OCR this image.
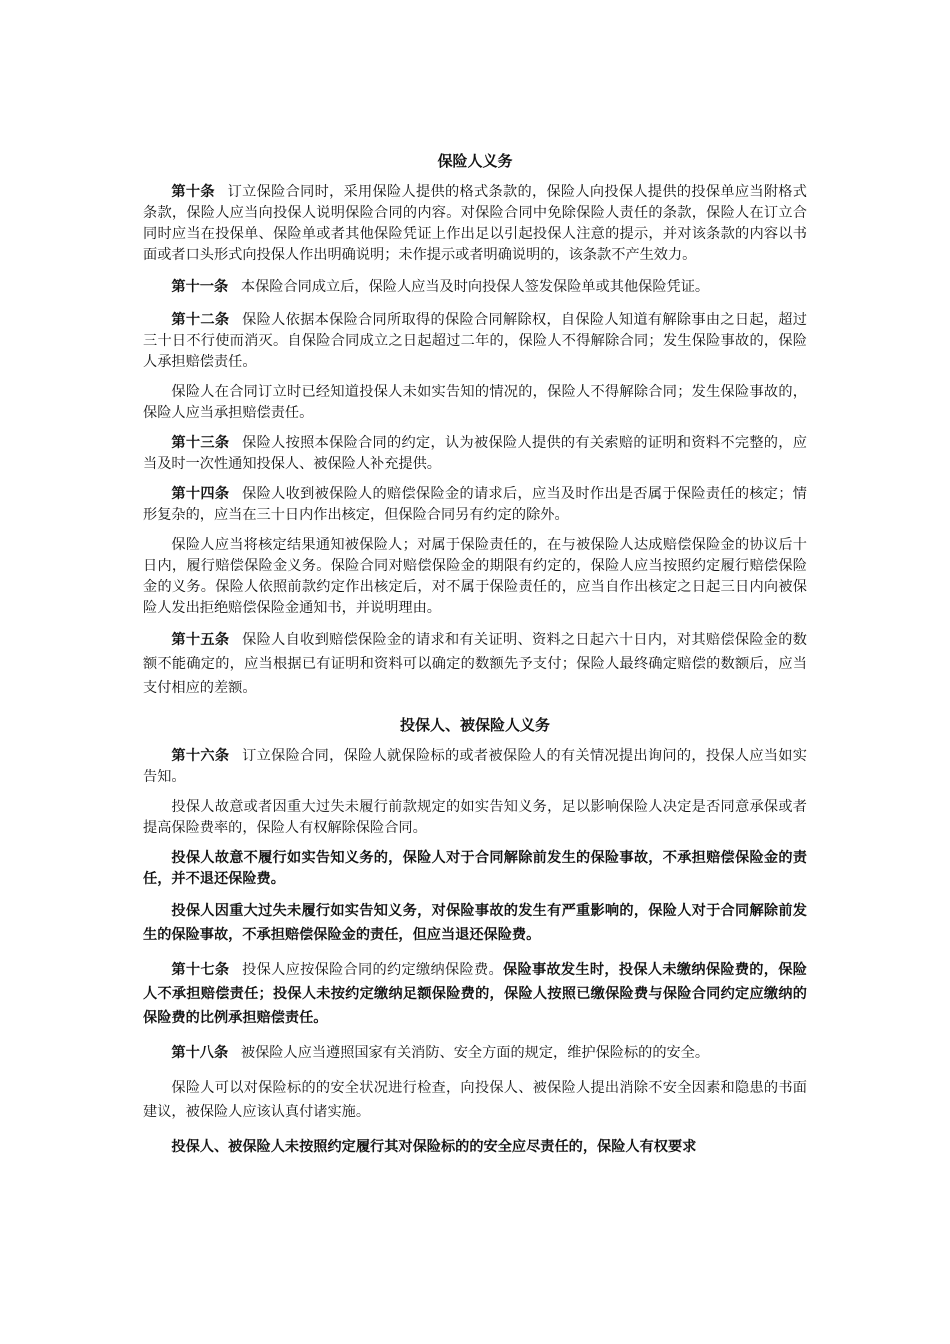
保险人义务

第十条 订立保险合同时，采用保险人提供的格式条款的，保险人向投保人提供的投保单应当附格式条款，保险人应当向投保人说明保险合同的内容。对保险合同中免除保险人责任的条款，保险人在订立合同时应当在投保单、保险单或者其他保险凭证上作出足以引起投保人注意的提示，并对该条款的内容以书面或者口头形式向投保人作出明确说明；未作提示或者明确说明的，该条款不产生效力。

第十一条 本保险合同成立后，保险人应当及时向投保人签发保险单或其他保险凭证。

第十二条 保险人依据本保险合同所取得的保险合同解除权，自保险人知道有解除事由之日起，超过三十日不行使而消灭。自保险合同成立之日起超过二年的，保险人不得解除合同；发生保险事故的，保险人承担赔偿责任。

保险人在合同订立时已经知道投保人未如实告知的情况的，保险人不得解除合同；发生保险事故的，保险人应当承担赔偿责任。

第十三条 保险人按照本保险合同的约定，认为被保险人提供的有关索赔的证明和资料不完整的，应当及时一次性通知投保人、被保险人补充提供。

第十四条 保险人收到被保险人的赔偿保险金的请求后，应当及时作出是否属于保险责任的核定；情形复杂的，应当在三十日内作出核定，但保险合同另有约定的除外。

保险人应当将核定结果通知被保险人；对属于保险责任的，在与被保险人达成赔偿保险金的协议后十日内，履行赔偿保险金义务。保险合同对赔偿保险金的期限有约定的，保险人应当按照约定履行赔偿保险金的义务。保险人依照前款约定作出核定后，对不属于保险责任的，应当自作出核定之日起三日内向被保险人发出拒绝赔偿保险金通知书，并说明理由。

第十五条 保险人自收到赔偿保险金的请求和有关证明、资料之日起六十日内，对其赔偿保险金的数额不能确定的，应当根据已有证明和资料可以确定的数额先予支付；保险人最终确定赔偿的数额后，应当支付相应的差额。

投保人、被保险人义务

第十六条 订立保险合同，保险人就保险标的或者被保险人的有关情况提出询问的，投保人应当如实告知。

投保人故意或者因重大过失未履行前款规定的如实告知义务，足以影响保险人决定是否同意承保或者提高保险费率的，保险人有权解除保险合同。

投保人故意不履行如实告知义务的，保险人对于合同解除前发生的保险事故，不承担赔偿保险金的责任，并不退还保险费。

投保人因重大过失未履行如实告知义务，对保险事故的发生有严重影响的，保险人对于合同解除前发生的保险事故，不承担赔偿保险金的责任，但应当退还保险费。

第十七条 投保人应按保险合同的约定缴纳保险费。保险事故发生时，投保人未缴纳保险费的，保险人不承担赔偿责任；投保人未按约定缴纳足额保险费的，保险人按照已缴保险费与保险合同约定应缴纳的保险费的比例承担赔偿责任。

第十八条 被保险人应当遵照国家有关消防、安全方面的规定，维护保险标的的安全。

保险人可以对保险标的的安全状况进行检查，向投保人、被保险人提出消除不安全因素和隐患的书面建议，被保险人应该认真付诸实施。

投保人、被保险人未按照约定履行其对保险标的的安全应尽责任的，保险人有权要求
